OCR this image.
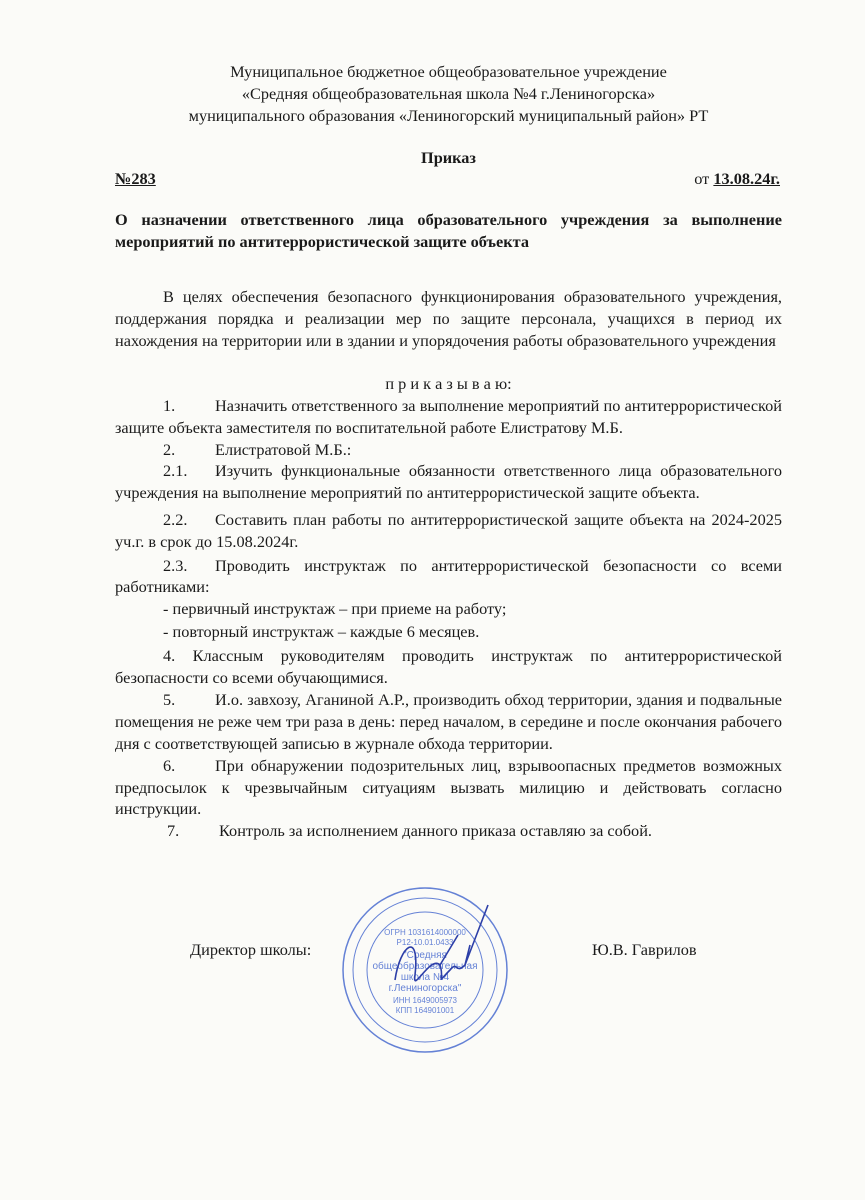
Муниципальное бюджетное общеобразовательное учреждение
«Средняя общеобразовательная школа №4 г.Лениногорска»
муниципального образования «Лениногорский муниципальный район» РТ
Приказ
№283	от 13.08.24г.
О назначении ответственного лица образовательного учреждения за выполнение мероприятий по антитеррористической защите объекта
В целях обеспечения безопасного функционирования образовательного учреждения, поддержания порядка и реализации мер по защите персонала, учащихся в период их нахождения на территории или в здании и упорядочения работы образовательного учреждения
п р и к а з ы в а ю:

1. Назначить ответственного за выполнение мероприятий по антитеррористической защите объекта заместителя по воспитательной работе Елистратову М.Б.

2. Елистратовой М.Б.:

2.1. Изучить функциональные обязанности ответственного лица образовательного учреждения на выполнение мероприятий по антитеррористической защите объекта.

2.2. Составить план работы по антитеррористической защите объекта на 2024-2025 уч.г. в срок до 15.08.2024г.

2.3. Проводить инструктаж по антитеррористической безопасности со всеми работниками:

- первичный инструктаж – при приеме на работу;

- повторный инструктаж – каждые 6 месяцев.

4. Классным руководителям проводить инструктаж по антитеррористической безопасности со всеми обучающимися.

5. И.о. завхозу, Аганиной А.Р., производить обход территории, здания и подвальные помещения не реже чем три раза в день: перед началом, в середине и после окончания рабочего дня с соответствующей записью в журнале обхода территории.

6. При обнаружении подозрительных лиц, взрывоопасных предметов возможных предпосылок к чрезвычайным ситуациям вызвать милицию и действовать согласно инструкции.

7. Контроль за исполнением данного приказа оставляю за собой.

Директор школы:	Ю.В. Гаврилов
ОГРН 1031614000000
Р12-10.01.0433
"Средняя
общеобразовательная
школа №4
г.Лениногорска"
ИНН 1649005973
КПП 164901001
